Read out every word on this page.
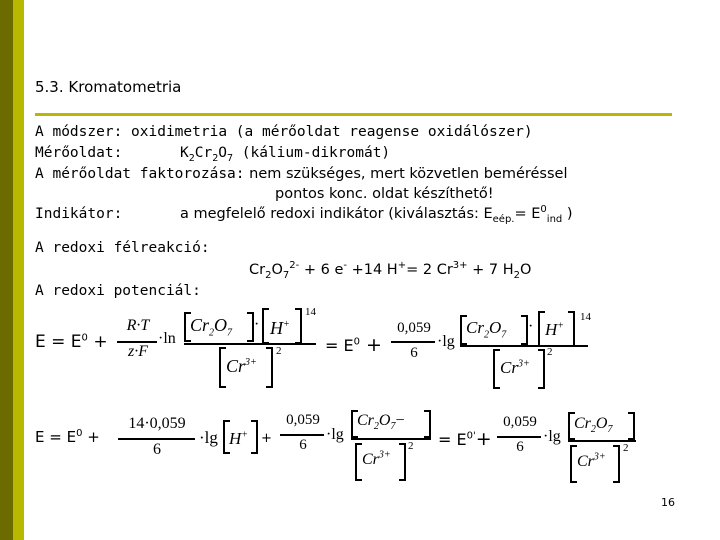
5.3. Kromatometria
A módszer: oxidimetria (a mérőoldat reagense oxidálószer)
Mérőoldat:	$K_2Cr_2O_7$ (kálium-dikromát)
A mérőoldat faktorozása: nem szükséges, mert közvetlen beméréssel
pontos konc. oldat készíthető!
Indikátor:	a megfelelő redoxi indikátor (kiválasztás: $E_{eép.}= E^0_{ind}$ )
A redoxi félreakció:
A redoxi potenciál:
$Cr_2O_7^{2-} + 6$ e- +14 H+= 2 $Cr^{3+} + 7$ $H_2O$
$E = E^0$ +
R·T
z·F
·ln
$Cr_2O_7$
· H+
14
$Cr^{3+}$
2	= $E^0$ +
0,059
6
·lg
$Cr_2O_7 \cdot H^+$
14
$Cr^{3+}$
2
$E = E^0$ +
14·0,059
6
·lg H+ +
0,059
6
·lg
$Cr_2O_7-$
$Cr^{3+}$
$2 = E^{0'}+$
0,059
6
·lg
$Cr_2O_7$
$Cr^{3+}$
2
16
